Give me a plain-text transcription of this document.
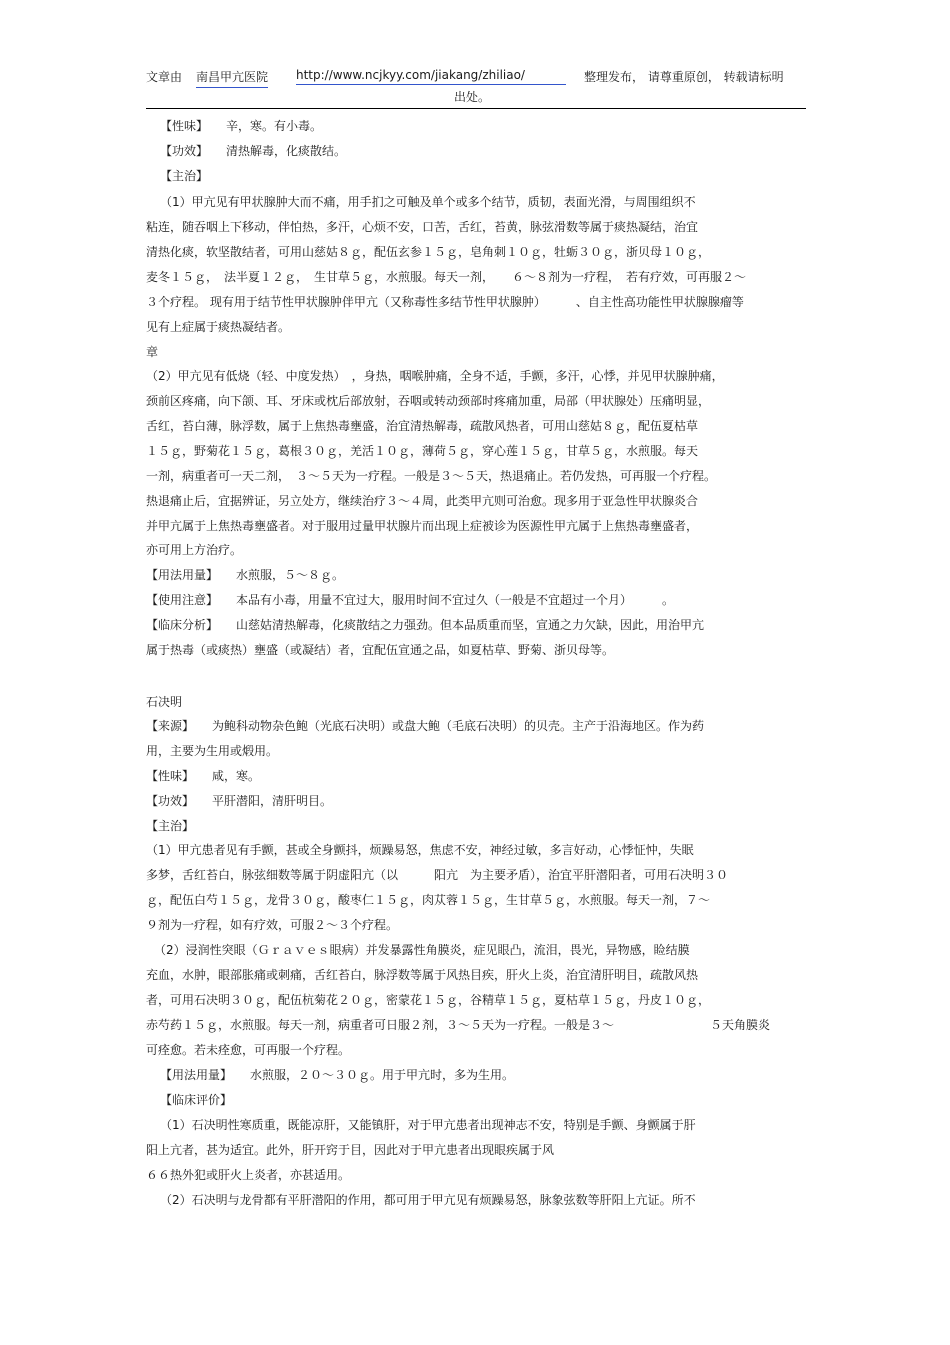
文章由 南昌甲亢医院 http://www.ncjkyy.com/jiakang/zhiliao/	整理发布， 请尊重原创， 转载请标明
出处。
【性味】　　辛，寒。有小毒。
【功效】　　清热解毒，化痰散结。
【主治】
（1）甲亢见有甲状腺肿大而不痛，用手扪之可触及单个或多个结节，质韧，表面光滑，与周围组织不
粘连，随吞咽上下移动，伴怕热，多汗，心烦不安，口苦，舌红，苔黄，脉弦滑数等属于痰热凝结，治宜
清热化痰，软坚散结者，可用山慈姑８ｇ，配伍玄参１５ｇ，皂角刺１０ｇ，牡蛎３０ｇ，浙贝母１０ｇ，
麦冬１５ｇ，　法半夏１２ｇ，　生甘草５ｇ，水煎服。每天一剂，　　６～８剂为一疗程，　若有疗效，可再服２～
３个疗程。 现有用于结节性甲状腺肿伴甲亢（又称毒性多结节性甲状腺肿）　　　、自主性高功能性甲状腺腺瘤等
见有上症属于痰热凝结者。
章
（2）甲亢见有低烧（轻、中度发热）　，身热，咽喉肿痛，全身不适，手颤，多汗，心悸，并见甲状腺肿痛，
颈前区疼痛，向下颌、耳、牙床或枕后部放射，吞咽或转动颈部时疼痛加重，局部（甲状腺处）压痛明显，
舌红，苔白薄，脉浮数，属于上焦热毒壅盛，治宜清热解毒，疏散风热者，可用山慈姑８ｇ，配伍夏枯草
１５ｇ，野菊花１５ｇ，葛根３０ｇ，羌活１０ｇ，薄荷５ｇ，穿心莲１５ｇ，甘草５ｇ，水煎服。每天
一剂，病重者可一天二剂，　３～５天为一疗程。一般是３～５天，热退痛止。若仍发热，可再服一个疗程。
热退痛止后，宜据辨证，另立处方，继续治疗３～４周，此类甲亢则可治愈。现多用于亚急性甲状腺炎合
并甲亢属于上焦热毒壅盛者。对于服用过量甲状腺片而出现上症被诊为医源性甲亢属于上焦热毒壅盛者，
亦可用上方治疗。
【用法用量】　　水煎服，５～８ｇ。
【使用注意】　　本品有小毒，用量不宜过大，服用时间不宜过久（一般是不宜超过一个月）　　　。
【临床分析】　　山慈姑清热解毒，化痰散结之力强劲。但本品质重而坚，宣通之力欠缺，因此，用治甲亢
属于热毒（或痰热）壅盛（或凝结）者，宜配伍宣通之品，如夏枯草、野菊、浙贝母等。
石决明
【来源】　　为鲍科动物杂色鲍（光底石决明）或盘大鲍（毛底石决明）的贝壳。主产于沿海地区。作为药
用，主要为生用或煅用。
【性味】　　咸，寒。
【功效】　　平肝潜阳，清肝明目。
【主治】
（1）甲亢患者见有手颤，甚或全身颤抖，烦躁易怒，焦虑不安，神经过敏，多言好动，心悸怔忡，失眠
多梦，舌红苔白，脉弦细数等属于阴虚阳亢（以　　　阳亢　为主要矛盾），治宜平肝潜阳者，可用石决明３０
ｇ，配伍白芍１５ｇ，龙骨３０ｇ，酸枣仁１５ｇ，肉苁蓉１５ｇ，生甘草５ｇ，水煎服。每天一剂，７～
９剂为一疗程，如有疗效，可服２～３个疗程。
（2）浸润性突眼（Ｇｒａｖｅｓ眼病）并发暴露性角膜炎，症见眼凸，流泪，畏光，异物感，睑结膜
充血，水肿，眼部胀痛或刺痛，舌红苔白，脉浮数等属于风热目疾，肝火上炎，治宜清肝明目，疏散风热
者，可用石决明３０ｇ，配伍杭菊花２０ｇ，密蒙花１５ｇ，谷精草１５ｇ，夏枯草１５ｇ，丹皮１０ｇ，
赤芍药１５ｇ，水煎服。每天一剂，病重者可日服２剂，３～５天为一疗程。一般是３～　　　　　　　　５天角膜炎
可痊愈。若未痊愈，可再服一个疗程。
【用法用量】　　水煎服，２０～３０ｇ。用于甲亢时，多为生用。
【临床评价】
（1）石决明性寒质重，既能凉肝，又能镇肝，对于甲亢患者出现神志不安，特别是手颤、身颤属于肝
阳上亢者，甚为适宜。此外，肝开窍于目，因此对于甲亢患者出现眼疾属于风
６６热外犯或肝火上炎者，亦甚适用。
（2）石决明与龙骨都有平肝潜阳的作用，都可用于甲亢见有烦躁易怒，脉象弦数等肝阳上亢证。所不
